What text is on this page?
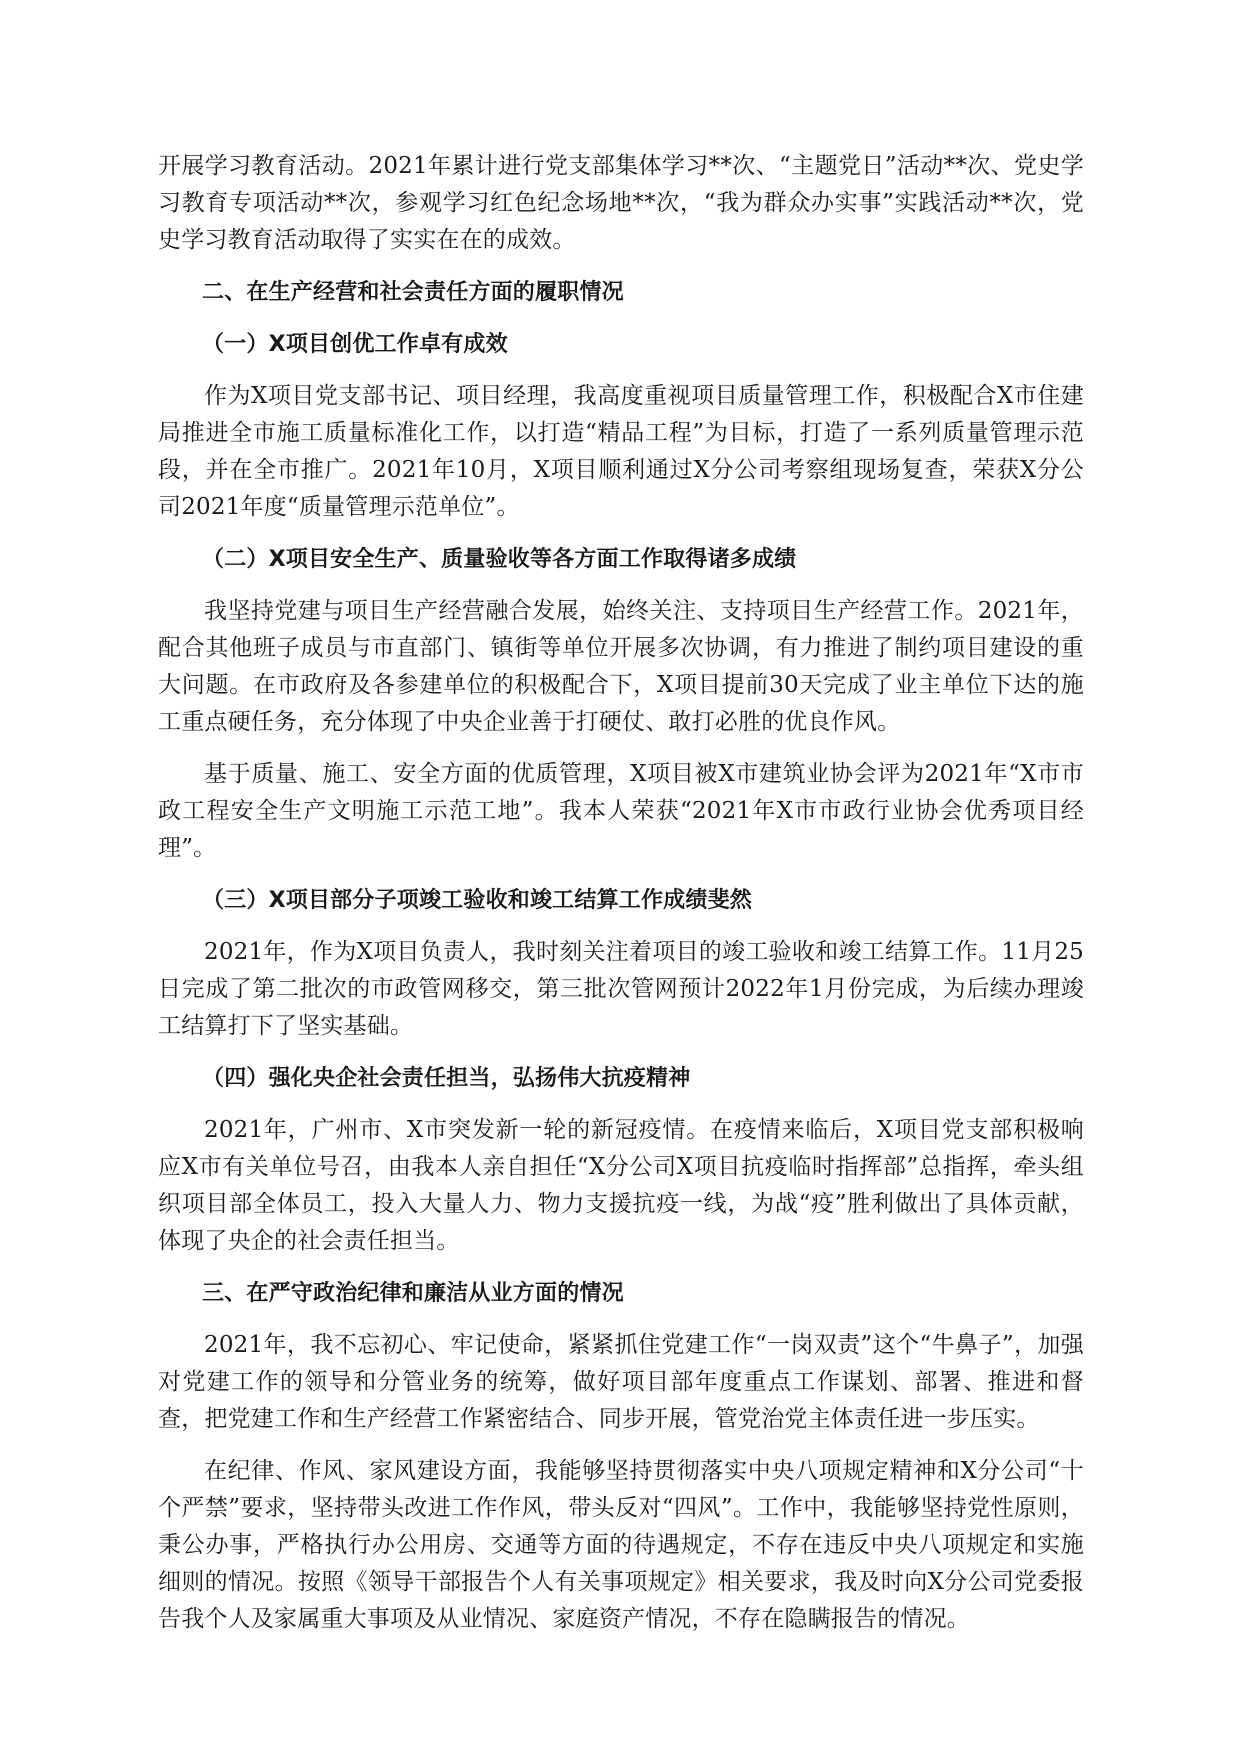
开展学习教育活动。2021年累计进行党支部集体学习**次、“主题党日”活动**次、党史学习教育专项活动**次，参观学习红色纪念场地**次，“我为群众办实事”实践活动**次，党史学习教育活动取得了实实在在的成效。

二、在生产经营和社会责任方面的履职情况

（一）X项目创优工作卓有成效

作为X项目党支部书记、项目经理，我高度重视项目质量管理工作，积极配合X市住建局推进全市施工质量标准化工作，以打造“精品工程”为目标，打造了一系列质量管理示范段，并在全市推广。2021年10月，X项目顺利通过X分公司考察组现场复查，荣获X分公司2021年度“质量管理示范单位”。

（二）X项目安全生产、质量验收等各方面工作取得诸多成绩

我坚持党建与项目生产经营融合发展，始终关注、支持项目生产经营工作。2021年，配合其他班子成员与市直部门、镇街等单位开展多次协调，有力推进了制约项目建设的重大问题。在市政府及各参建单位的积极配合下，X项目提前30天完成了业主单位下达的施工重点硬任务，充分体现了中央企业善于打硬仗、敢打必胜的优良作风。

基于质量、施工、安全方面的优质管理，X项目被X市建筑业协会评为2021年“X市市政工程安全生产文明施工示范工地”。我本人荣获“2021年X市市政行业协会优秀项目经理”。

（三）X项目部分子项竣工验收和竣工结算工作成绩斐然

2021年，作为X项目负责人，我时刻关注着项目的竣工验收和竣工结算工作。11月25日完成了第二批次的市政管网移交，第三批次管网预计2022年1月份完成，为后续办理竣工结算打下了坚实基础。

（四）强化央企社会责任担当，弘扬伟大抗疫精神

2021年，广州市、X市突发新一轮的新冠疫情。在疫情来临后，X项目党支部积极响应X市有关单位号召，由我本人亲自担任“X分公司X项目抗疫临时指挥部”总指挥，牵头组织项目部全体员工，投入大量人力、物力支援抗疫一线，为战“疫”胜利做出了具体贡献，体现了央企的社会责任担当。

三、在严守政治纪律和廉洁从业方面的情况

2021年，我不忘初心、牢记使命，紧紧抓住党建工作“一岗双责”这个“牛鼻子”，加强对党建工作的领导和分管业务的统筹，做好项目部年度重点工作谋划、部署、推进和督查，把党建工作和生产经营工作紧密结合、同步开展，管党治党主体责任进一步压实。

在纪律、作风、家风建设方面，我能够坚持贯彻落实中央八项规定精神和X分公司“十个严禁”要求，坚持带头改进工作作风，带头反对“四风”。工作中，我能够坚持党性原则，秉公办事，严格执行办公用房、交通等方面的待遇规定，不存在违反中央八项规定和实施细则的情况。按照《领导干部报告个人有关事项规定》相关要求，我及时向X分公司党委报告我个人及家属重大事项及从业情况、家庭资产情况，不存在隐瞒报告的情况。
